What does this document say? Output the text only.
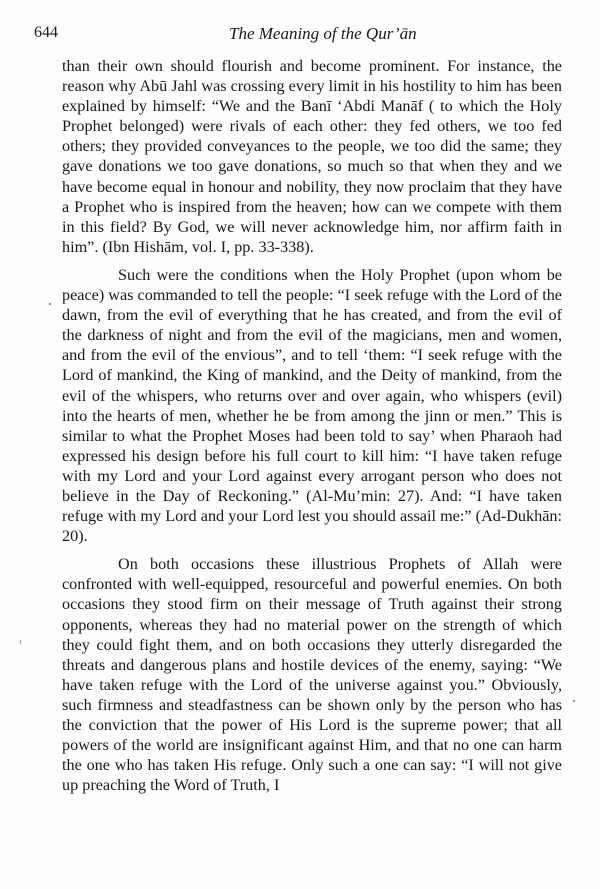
644	The Meaning of the Qur’ān

than their own should flourish and become prominent. For instance, the reason why Abū Jahl was crossing every limit in his hostility to him has been explained by himself: “We and the Banī ‘Abdi Manāf ( to which the Holy Prophet belonged) were rivals of each other: they fed others, we too fed others; they provided conveyances to the people, we too did the same; they gave donations we too gave donations, so much so that when they and we have become equal in honour and nobility, they now proclaim that they have a Prophet who is inspired from the heaven; how can we compete with them in this field? By God, we will never acknowledge him, nor affirm faith in him”. (Ibn Hishām, vol. I, pp. 33-338).

Such were the conditions when the Holy Prophet (upon whom be peace) was commanded to tell the people: “I seek refuge with the Lord of the dawn, from the evil of everything that he has created, and from the evil of the darkness of night and from the evil of the magicians, men and women, and from the evil of the envious”, and to tell ‘them: “I seek refuge with the Lord of mankind, the King of mankind, and the Deity of mankind, from the evil of the whispers, who returns over and over again, who whispers (evil) into the hearts of men, whether he be from among the jinn or men.” This is similar to what the Prophet Moses had been told to say’ when Pharaoh had expressed his design before his full court to kill him: “I have taken refuge with my Lord and your Lord against every arrogant person who does not believe in the Day of Reckoning.” (Al-Mu’min: 27). And: “I have taken refuge with my Lord and your Lord lest you should assail me:” (Ad-Dukhān: 20).

On both occasions these illustrious Prophets of Allah were confronted with well-equipped, resourceful and powerful enemies. On both occasions they stood firm on their message of Truth against their strong opponents, whereas they had no material power on the strength of which they could fight them, and on both occasions they utterly disregarded the threats and dangerous plans and hostile devices of the enemy, saying: “We have taken refuge with the Lord of the universe against you.” Obviously, such firmness and steadfastness can be shown only by the person who has the conviction that the power of His Lord is the supreme power; that all powers of the world are insignificant against Him, and that no one can harm the one who has taken His refuge. Only such a one can say: “I will not give up preaching the Word of Truth, I
